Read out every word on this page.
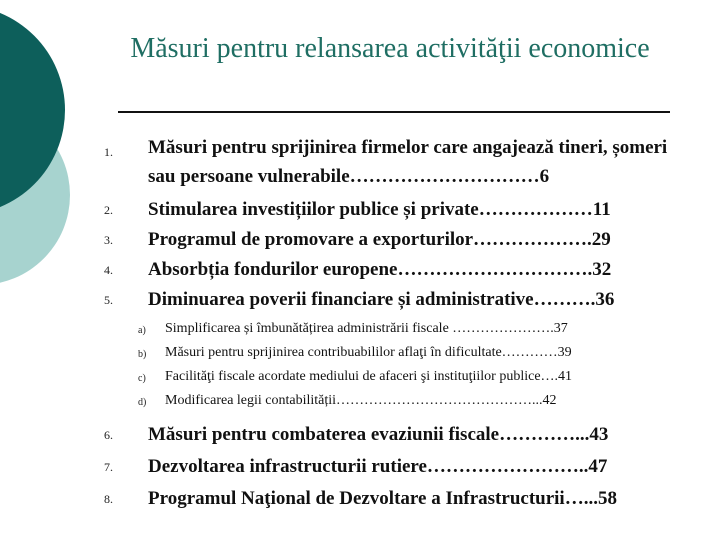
Măsuri pentru relansarea activităţii economice
1. Măsuri pentru sprijinirea firmelor care angajează tineri, șomeri sau persoane vulnerabile…………………………6
2. Stimularea investițiilor publice și private………………11
3. Programul de promovare a exporturilor……………….29
4. Absorbția fondurilor europene………………………….32
5. Diminuarea poverii financiare și administrative……….36
a) Simplificarea și îmbunătățirea administrării fiscale ………………….37
b) Măsuri pentru sprijinirea contribuabililor aflaţi în dificultate…………39
c) Facilităţi fiscale acordate mediului de afaceri şi instituţiilor publice….41
d) Modificarea legii contabilității……………………………………...42
6. Măsuri pentru combaterea evaziunii fiscale…………...43
7. Dezvoltarea infrastructurii rutiere……………………..47
8. Programul Naţional de Dezvoltare a Infrastructurii…...58
